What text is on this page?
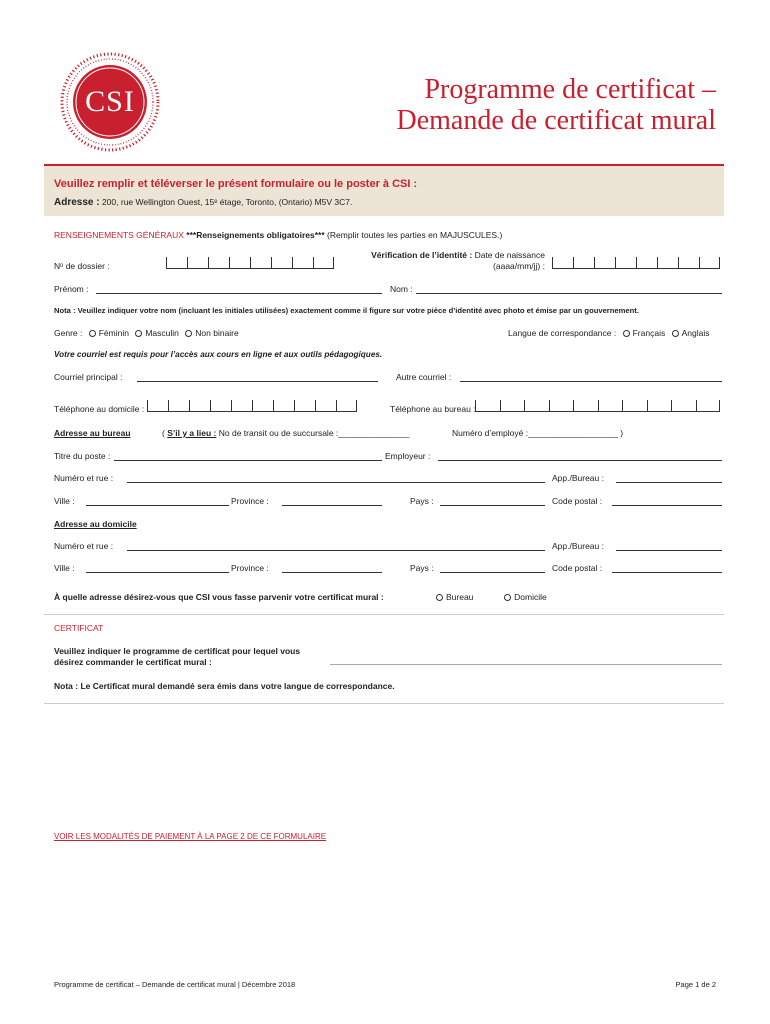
CSI	Programme de certificat –
Demande de certificat mural
Veuillez remplir et téléverser le présent formulaire ou le poster à CSI :
Adresse : 200, rue Wellington Ouest, 15ᵉ étage, Toronto, (Ontario) M5V 3C7.
RENSEIGNEMENTS GÉNÉRAUX ***Renseignements obligatoires*** (Remplir toutes les parties en MAJUSCULES.)
Nᵒ de dossier :
Vérification de l’identité : Date de naissance
(aaaa/mm/jj) :
Prénom :	Nom :
Nota : Veuillez indiquer votre nom (incluant les initiales utilisées) exactement comme il figure sur votre pièce d’identité avec photo et émise par un gouvernement.
Genre : Féminin Masculin Non binaire	Langue de correspondance : Français Anglais
Votre courriel est requis pour l’accès aux cours en ligne et aux outils pédagogiques.
Courriel principal :	Autre courriel :
Téléphone au domicile :	Téléphone au bureau :
Adresse au bureau	( S’il y a lieu : No de transit ou de succursale :_______________	Numéro d’employé :___________________ )
Titre du poste :	Employeur :
Numéro et rue :	App./Bureau :
Ville :	Province :	Pays :	Code postal :
Adresse au domicile
Numéro et rue :	App./Bureau :
Ville :	Province :	Pays :	Code postal :
À quelle adresse désirez-vous que CSI vous fasse parvenir votre certificat mural :	Bureau	Domicile
CERTIFICAT
Veuillez indiquer le programme de certificat pour lequel vous
désirez commander le certificat mural :
Nota : Le Certificat mural demandé sera émis dans votre langue de correspondance.
VOIR LES MODALITÉS DE PAIEMENT À LA PAGE 2 DE CE FORMULAIRE
Programme de certificat – Demande de certificat mural | Décembre 2018	Page 1 de 2
